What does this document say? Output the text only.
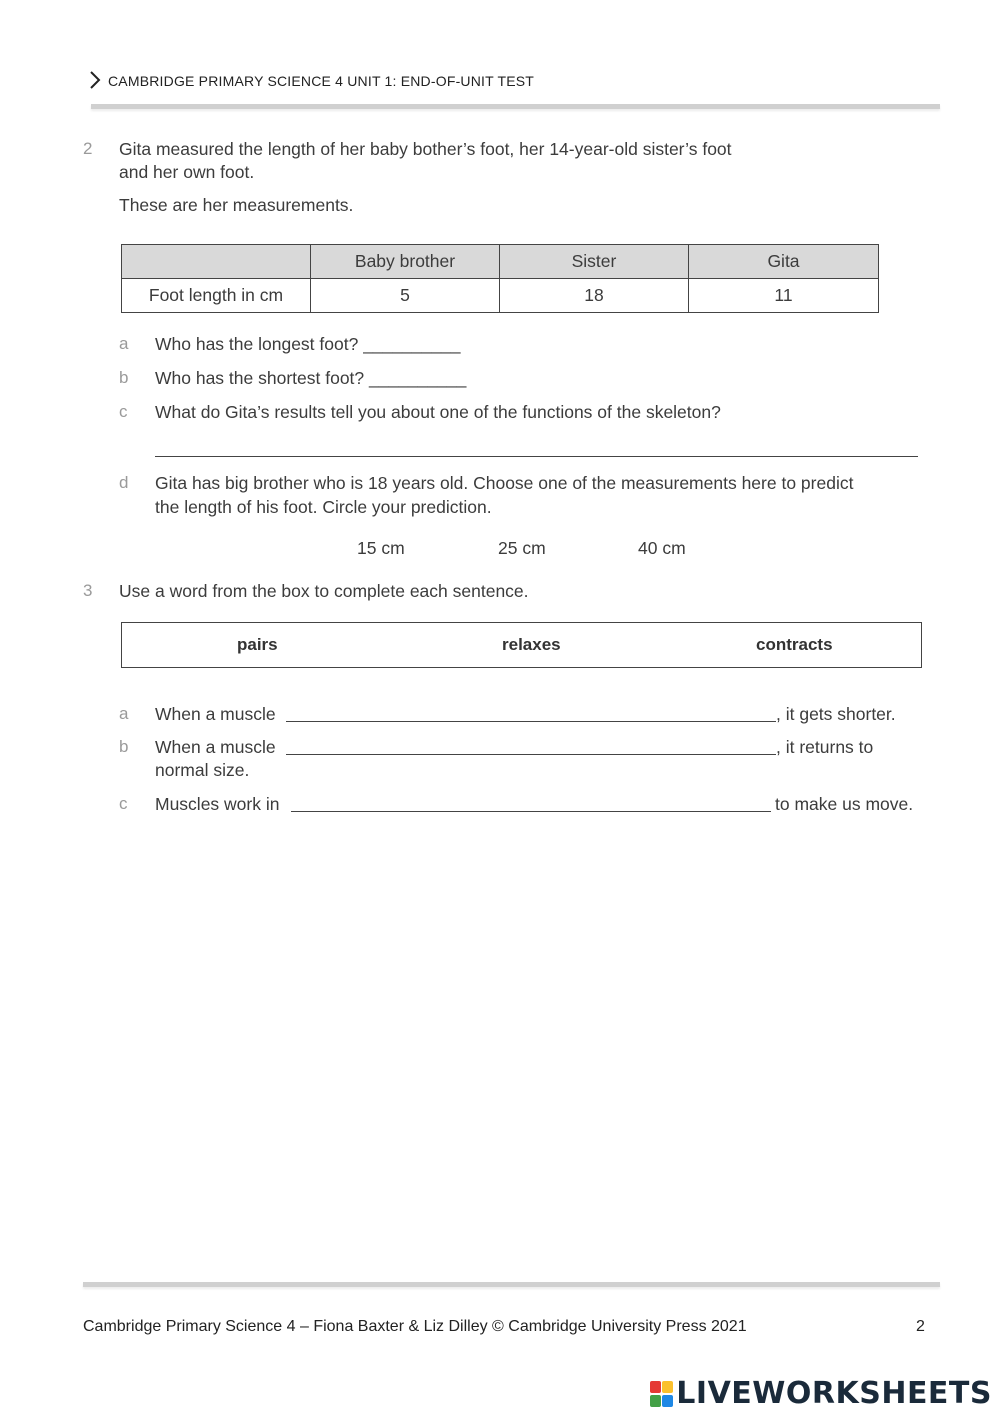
CAMBRIDGE PRIMARY SCIENCE 4 UNIT 1: END-OF-UNIT TEST
2 Gita measured the length of her baby bother’s foot, her 14-year-old sister’s foot
and her own foot.
These are her measurements.
	Baby brother	Sister	Gita
Foot length in cm	5	18	11
a Who has the longest foot? __________
b Who has the shortest foot? __________
c What do Gita’s results tell you about one of the functions of the skeleton?
d Gita has big brother who is 18 years old. Choose one of the measurements here to predict
the length of his foot. Circle your prediction.
15 cm	25 cm	40 cm
3 Use a word from the box to complete each sentence.
pairs	relaxes	contracts
a When a muscle	, it gets shorter.
b When a muscle	, it returns to
normal size.
c Muscles work in	to make us move.
Cambridge Primary Science 4 – Fiona Baxter & Liz Dilley © Cambridge University Press 2021	2
LIVEWORKSHEETS
